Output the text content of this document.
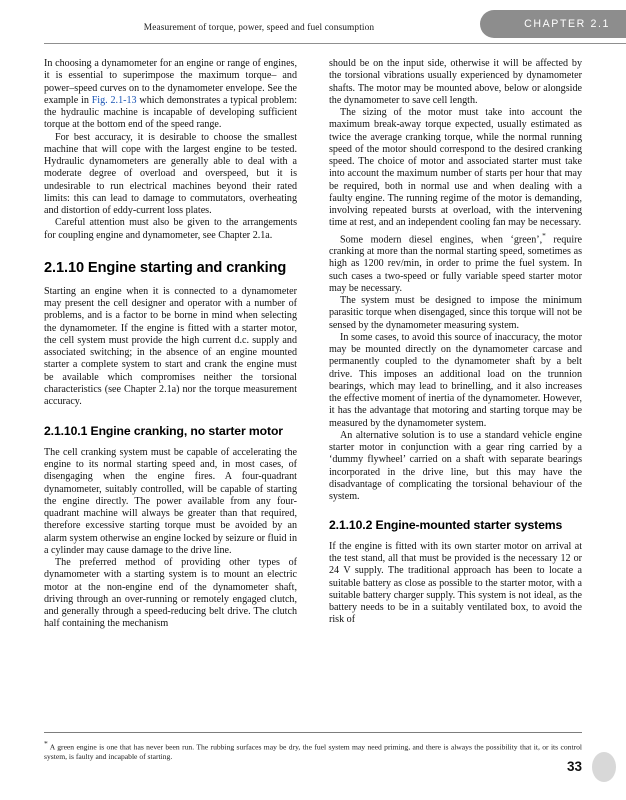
Measurement of torque, power, speed and fuel consumption	CHAPTER 2.1

In choosing a dynamometer for an engine or range of engines, it is essential to superimpose the maximum torque– and power–speed curves on to the dynamometer envelope. See the example in Fig. 2.1-13 which demonstrates a typical problem: the hydraulic machine is incapable of developing sufficient torque at the bottom end of the speed range.

For best accuracy, it is desirable to choose the smallest machine that will cope with the largest engine to be tested. Hydraulic dynamometers are generally able to deal with a moderate degree of overload and overspeed, but it is undesirable to run electrical machines beyond their rated limits: this can lead to damage to commutators, overheating and distortion of eddy-current loss plates.

Careful attention must also be given to the arrangements for coupling engine and dynamometer, see Chapter 2.1a.

2.1.10 Engine starting and cranking

Starting an engine when it is connected to a dynamometer may present the cell designer and operator with a number of problems, and is a factor to be borne in mind when selecting the dynamometer. If the engine is fitted with a starter motor, the cell system must provide the high current d.c. supply and associated switching; in the absence of an engine mounted starter a complete system to start and crank the engine must be available which compromises neither the torsional characteristics (see Chapter 2.1a) nor the torque measurement accuracy.

2.1.10.1 Engine cranking, no starter motor

The cell cranking system must be capable of accelerating the engine to its normal starting speed and, in most cases, of disengaging when the engine fires. A four-quadrant dynamometer, suitably controlled, will be capable of starting the engine directly. The power available from any four-quadrant machine will always be greater than that required, therefore excessive starting torque must be avoided by an alarm system otherwise an engine locked by seizure or fluid in a cylinder may cause damage to the drive line.

The preferred method of providing other types of dynamometer with a starting system is to mount an electric motor at the non-engine end of the dynamometer shaft, driving through an over-running or remotely engaged clutch, and generally through a speed-reducing belt drive. The clutch half containing the mechanism

should be on the input side, otherwise it will be affected by the torsional vibrations usually experienced by dynamometer shafts. The motor may be mounted above, below or alongside the dynamometer to save cell length.

The sizing of the motor must take into account the maximum break-away torque expected, usually estimated as twice the average cranking torque, while the normal running speed of the motor should correspond to the desired cranking speed. The choice of motor and associated starter must take into account the maximum number of starts per hour that may be required, both in normal use and when dealing with a faulty engine. The running regime of the motor is demanding, involving repeated bursts at overload, with the intervening time at rest, and an independent cooling fan may be necessary.

Some modern diesel engines, when ‘green’,* require cranking at more than the normal starting speed, sometimes as high as 1200 rev/min, in order to prime the fuel system. In such cases a two-speed or fully variable speed starter motor may be necessary.

The system must be designed to impose the minimum parasitic torque when disengaged, since this torque will not be sensed by the dynamometer measuring system.

In some cases, to avoid this source of inaccuracy, the motor may be mounted directly on the dynamometer carcase and permanently coupled to the dynamometer shaft by a belt drive. This imposes an additional load on the trunnion bearings, which may lead to brinelling, and it also increases the effective moment of inertia of the dynamometer. However, it has the advantage that motoring and starting torque may be measured by the dynamometer system.

An alternative solution is to use a standard vehicle engine starter motor in conjunction with a gear ring carried by a ‘dummy flywheel’ carried on a shaft with separate bearings incorporated in the drive line, but this may have the disadvantage of complicating the torsional behaviour of the system.

2.1.10.2 Engine-mounted starter systems

If the engine is fitted with its own starter motor on arrival at the test stand, all that must be provided is the necessary 12 or 24 V supply. The traditional approach has been to locate a suitable battery as close as possible to the starter motor, with a suitable battery charger supply. This system is not ideal, as the battery needs to be in a suitably ventilated box, to avoid the risk of

* A green engine is one that has never been run. The rubbing surfaces may be dry, the fuel system may need priming, and there is always the possibility that it, or its control system, is faulty and incapable of starting.

33
